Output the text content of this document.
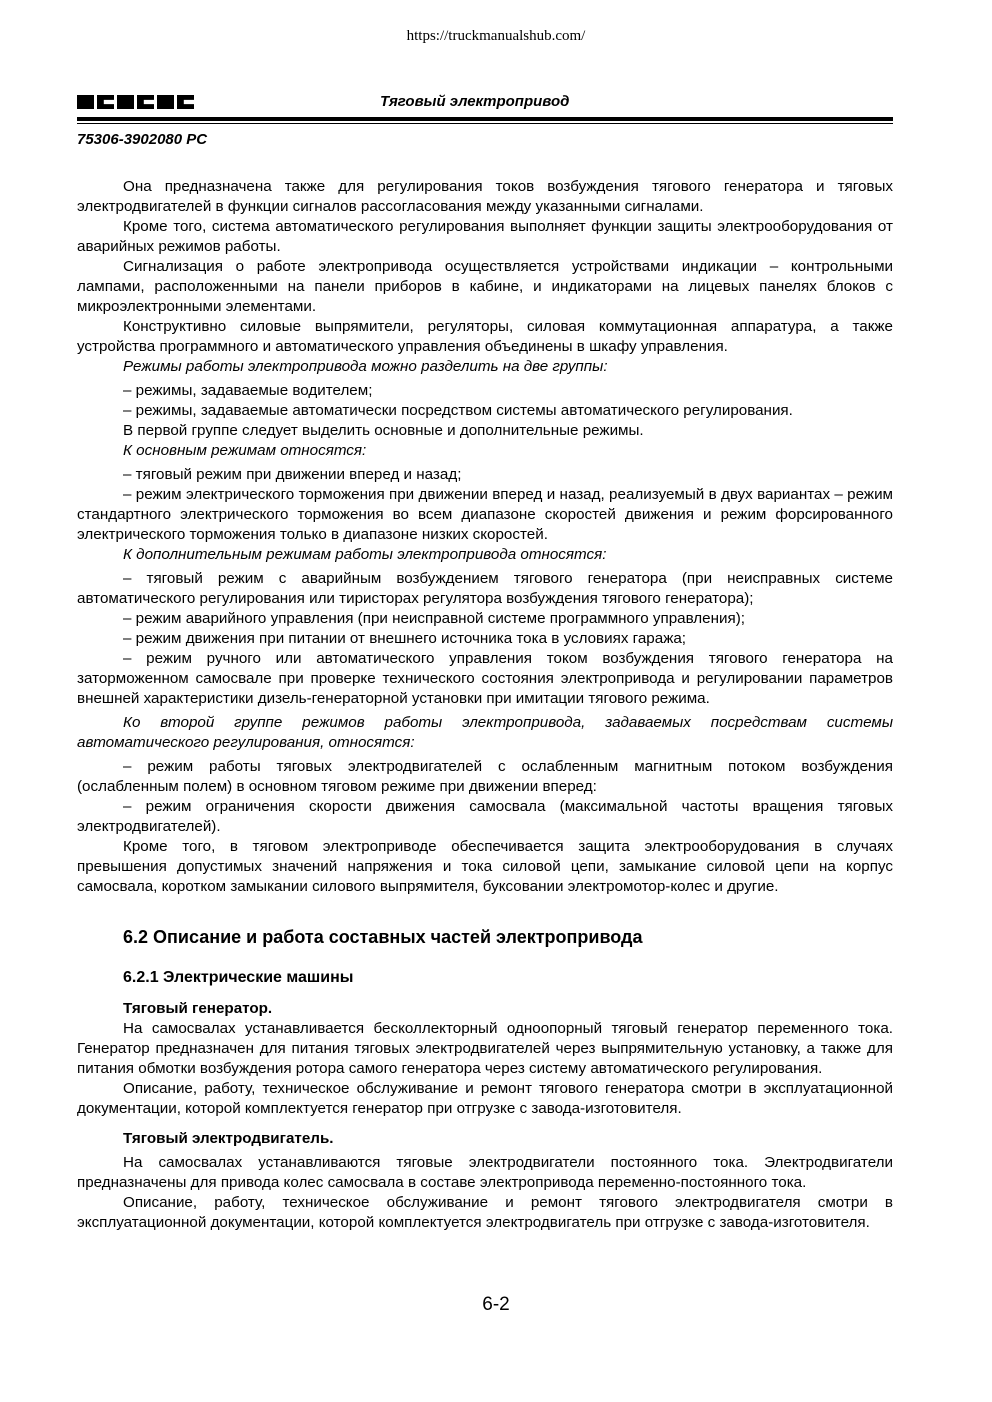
https://truckmanualshub.com/
Тяговый электропривод
75306-3902080 РС

Она предназначена также для регулирования токов возбуждения тягового генератора и тяговых электродвигателей в функции сигналов рассогласования между указанными сигналами.

Кроме того, система автоматического регулирования выполняет функции защиты электрооборудования от аварийных режимов работы.

Сигнализация о работе электропривода осуществляется устройствами индикации – контрольными лампами, расположенными на панели приборов в кабине, и индикаторами на лицевых панелях блоков с микроэлектронными элементами.

Конструктивно силовые выпрямители, регуляторы, силовая коммутационная аппаратура, а также устройства программного и автоматического управления объединены в шкафу управления.

Режимы работы электропривода можно разделить на две группы:

– режимы, задаваемые водителем;

– режимы, задаваемые автоматически посредством системы автоматического регулирования.

В первой группе следует выделить основные и дополнительные режимы.

К основным режимам относятся:

– тяговый режим при движении вперед и назад;

– режим электрического торможения при движении вперед и назад, реализуемый в двух вариантах – режим стандартного электрического торможения во всем диапазоне скоростей движения и режим форсированного электрического торможения только в диапазоне низких скоростей.

К дополнительным режимам работы электропривода относятся:

– тяговый режим с аварийным возбуждением тягового генератора (при неисправных системе автоматического регулирования или тиристорах регулятора возбуждения тягового генератора);

– режим аварийного управления (при неисправной системе программного управления);

– режим движения при питании от внешнего источника тока в условиях гаража;

– режим ручного или автоматического управления током возбуждения тягового генератора на заторможенном самосвале при проверке технического состояния электропривода и регулировании параметров внешней характеристики дизель-генераторной установки при имитации тягового режима.

Ко второй группе режимов работы электропривода, задаваемых посредствам системы автоматического регулирования, относятся:

– режим работы тяговых электродвигателей с ослабленным магнитным потоком возбуждения (ослабленным полем) в основном тяговом режиме при движении вперед:

– режим ограничения скорости движения самосвала (максимальной частоты вращения тяговых электродвигателей).

Кроме того, в тяговом электроприводе обеспечивается защита электрооборудования в случаях превышения допустимых значений напряжения и тока силовой цепи, замыкание силовой цепи на корпус самосвала, коротком замыкании силового выпрямителя, буксовании электромотор-колес и другие.

6.2 Описание и работа составных частей электропривода
6.2.1 Электрические машины
Тяговый генератор.

На самосвалах устанавливается бесколлекторный одноопорный тяговый генератор переменного тока. Генератор предназначен для питания тяговых электродвигателей через выпрямительную установку, а также для питания обмотки возбуждения ротора самого генератора через систему автоматического регулирования.

Описание, работу, техническое обслуживание и ремонт тягового генератора смотри в эксплуатационной документации, которой комплектуется генератор при отгрузке с завода-изготовителя.

Тяговый электродвигатель.

На самосвалах устанавливаются тяговые электродвигатели постоянного тока. Электродвигатели предназначены для привода колес самосвала в составе электропривода переменно-постоянного тока.

Описание, работу, техническое обслуживание и ремонт тягового электродвигателя смотри в эксплуатационной документации, которой комплектуется электродвигатель при отгрузке с завода-изготовителя.

6-2
